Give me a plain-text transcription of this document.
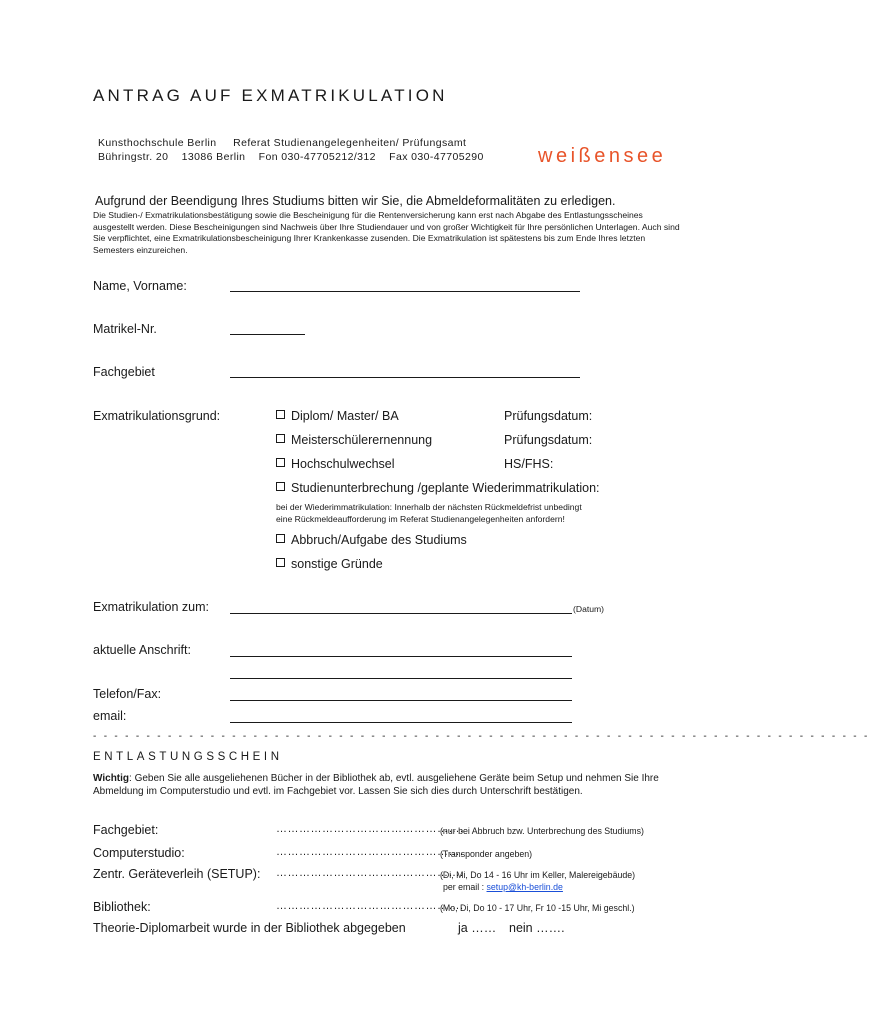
ANTRAG AUF EXMATRIKULATION
Kunsthochschule Berlin     Referat Studienangelegenheiten/ Prüfungsamt
Bühringstr. 20    13086 Berlin    Fon 030-47705212/312    Fax 030-47705290	weißensee
Aufgrund der Beendigung Ihres Studiums bitten wir Sie, die Abmeldeformalitäten zu erledigen.
Die Studien-/ Exmatrikulationsbestätigung sowie die Bescheinigung für die Rentenversicherung kann erst nach Abgabe des Entlastungsscheines ausgestellt werden. Diese Bescheinigungen sind Nachweis über Ihre Studiendauer und von großer Wichtigkeit für Ihre persönlichen Unterlagen. Auch sind Sie verpflichtet, eine Exmatrikulationsbescheinigung Ihrer Krankenkasse zusenden. Die Exmatrikulation ist spätestens bis zum Ende Ihres letzten Semesters einzureichen.
Name, Vorname:
Matrikel-Nr.
Fachgebiet
Exmatrikulationsgrund:	Diplom/ Master/ BA	Prüfungsdatum:
Meisterschülerernennung	Prüfungsdatum:
Hochschulwechsel	HS/FHS:
Studienunterbrechung /geplante Wiederimmatrikulation:
bei der Wiederimmatrikulation: Innerhalb der nächsten Rückmeldefrist unbedingt
eine Rückmeldeaufforderung im Referat Studienangelegenheiten anfordern!
Abbruch/Aufgabe des Studiums
sonstige Gründe
Exmatrikulation zum:	(Datum)
aktuelle Anschrift:
Telefon/Fax:
email:
- - - - - - - - - - - - - - - - - - - - - - - - - - - - - - - - - - - - - - - - - - - - - - - - - - - - - - - - - - - - - - - - - - - - - - - - -
ENTLASTUNGSSCHEIN
Wichtig: Geben Sie alle ausgeliehenen Bücher in der Bibliothek ab, evtl. ausgeliehene Geräte beim Setup und nehmen Sie Ihre Abmeldung im Computerstudio und evtl. im Fachgebiet vor. Lassen Sie sich dies durch Unterschrift bestätigen.
Fachgebiet:	………………………………………….
(nur bei Abbruch bzw. Unterbrechung des Studiums)
Computerstudio:	………………………………………….
(Transponder angeben)
Zentr. Geräteverleih (SETUP): ………………………………………….
(Di, Mi, Do 14 - 16 Uhr im Keller, Malereigebäude)
per email : setup@kh-berlin.de
Bibliothek:	………………………………………….
(Mo, Di, Do 10 - 17 Uhr, Fr 10 -15 Uhr, Mi geschl.)
Theorie-Diplomarbeit wurde in der Bibliothek abgegeben	ja …… nein …….
